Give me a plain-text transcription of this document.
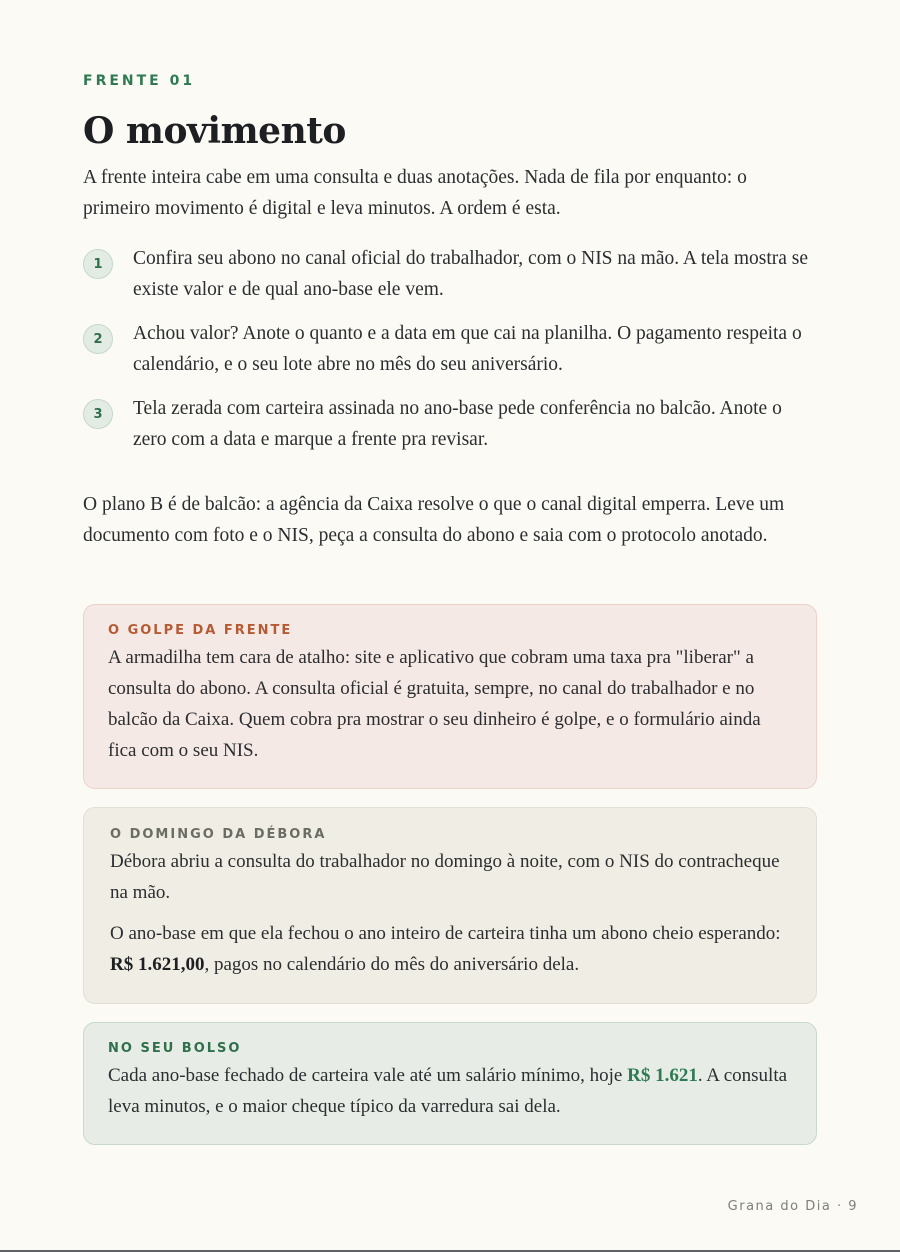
FRENTE 01
O movimento

A frente inteira cabe em uma consulta e duas anotações. Nada de fila por enquanto: o primeiro movimento é digital e leva minutos. A ordem é esta.

1	Confira seu abono no canal oficial do trabalhador, com o NIS na mão. A tela mostra se existe valor e de qual ano-base ele vem.

2	Achou valor? Anote o quanto e a data em que cai na planilha. O pagamento respeita o calendário, e o seu lote abre no mês do seu aniversário.

3	Tela zerada com carteira assinada no ano-base pede conferência no balcão. Anote o zero com a data e marque a frente pra revisar.

O plano B é de balcão: a agência da Caixa resolve o que o canal digital emperra. Leve um documento com foto e o NIS, peça a consulta do abono e saia com o protocolo anotado.

O GOLPE DA FRENTE

A armadilha tem cara de atalho: site e aplicativo que cobram uma taxa pra "liberar" a consulta do abono. A consulta oficial é gratuita, sempre, no canal do trabalhador e no balcão da Caixa. Quem cobra pra mostrar o seu dinheiro é golpe, e o formulário ainda fica com o seu NIS.

O DOMINGO DA DÉBORA

Débora abriu a consulta do trabalhador no domingo à noite, com o NIS do contracheque na mão.

O ano-base em que ela fechou o ano inteiro de carteira tinha um abono cheio esperando: R$ 1.621,00, pagos no calendário do mês do aniversário dela.

NO SEU BOLSO

Cada ano-base fechado de carteira vale até um salário mínimo, hoje R$ 1.621. A consulta leva minutos, e o maior cheque típico da varredura sai dela.

Grana do Dia · 9
